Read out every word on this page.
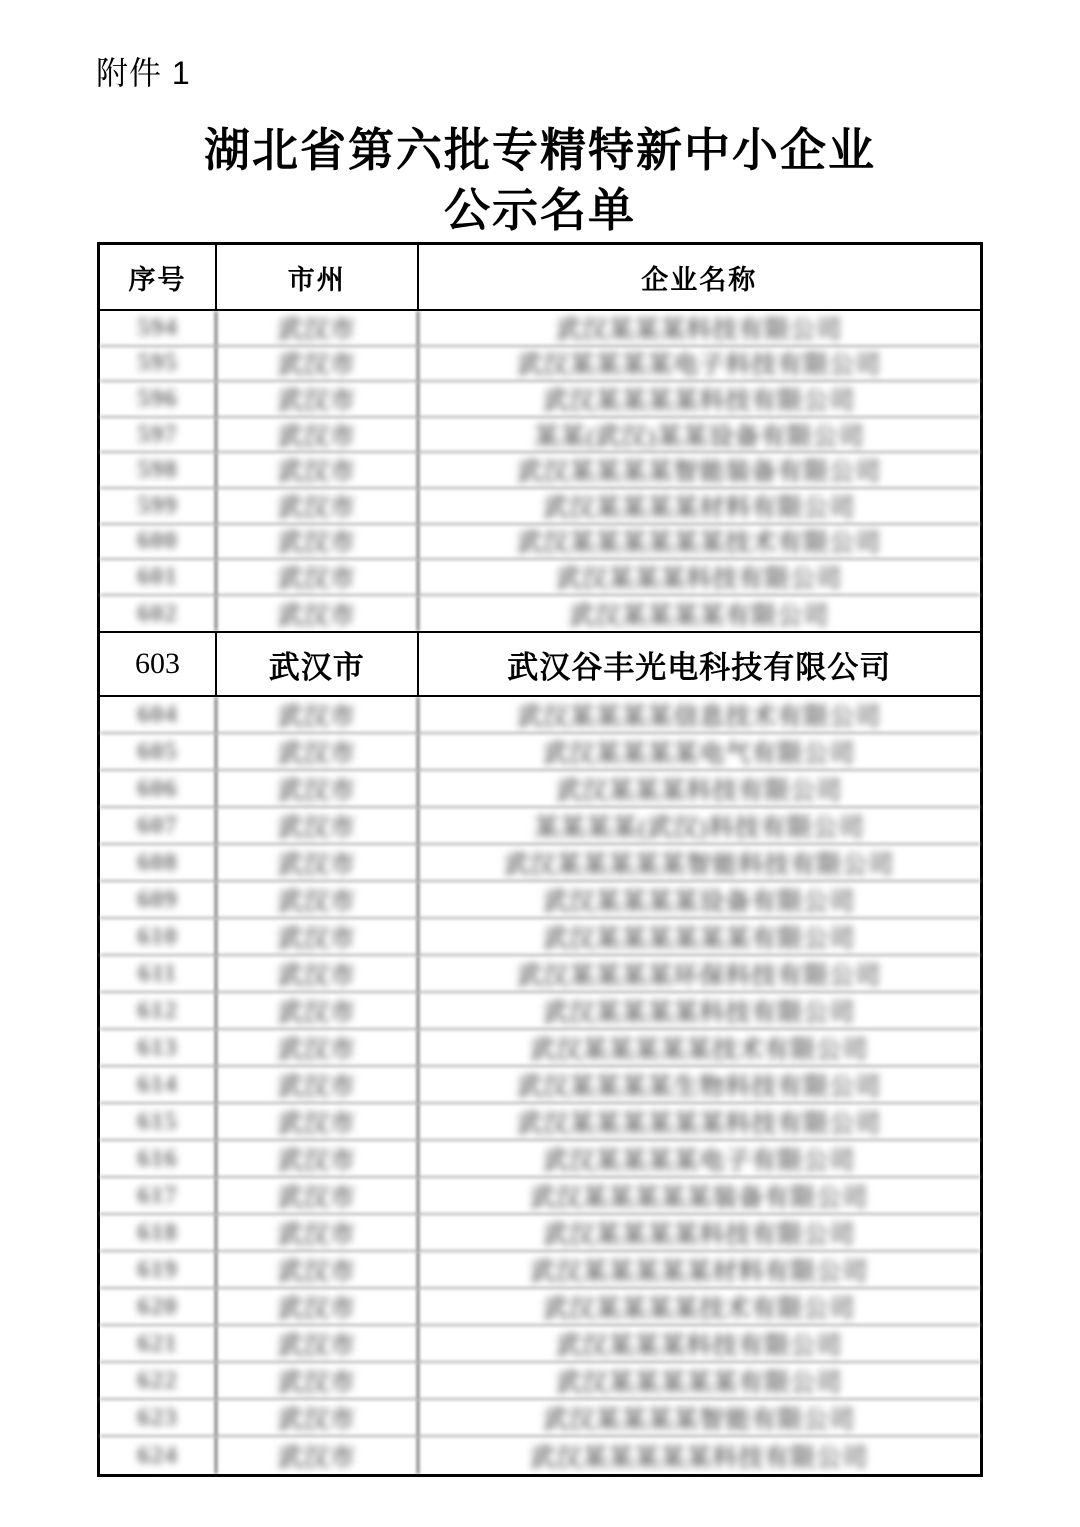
附件 1
湖北省第六批专精特新中小企业
公示名单
序号	市州	企业名称
594	武汉市	武汉某某某科技有限公司
595	武汉市	武汉某某某某电子科技有限公司
596	武汉市	武汉某某某某科技有限公司
597	武汉市	某某(武汉)某某设备有限公司
598	武汉市	武汉某某某某智能装备有限公司
599	武汉市	武汉某某某某材料有限公司
600	武汉市	武汉某某某某某某技术有限公司
601	武汉市	武汉某某某科技有限公司
602	武汉市	武汉某某某某有限公司
603	武汉市	武汉谷丰光电科技有限公司
604	武汉市	武汉某某某某信息技术有限公司
605	武汉市	武汉某某某某电气有限公司
606	武汉市	武汉某某某科技有限公司
607	武汉市	某某某某(武汉)科技有限公司
608	武汉市	武汉某某某某某智能科技有限公司
609	武汉市	武汉某某某某设备有限公司
610	武汉市	武汉某某某某某某有限公司
611	武汉市	武汉某某某某环保科技有限公司
612	武汉市	武汉某某某某科技有限公司
613	武汉市	武汉某某某某某技术有限公司
614	武汉市	武汉某某某某生物科技有限公司
615	武汉市	武汉某某某某某某科技有限公司
616	武汉市	武汉某某某某电子有限公司
617	武汉市	武汉某某某某某装备有限公司
618	武汉市	武汉某某某某科技有限公司
619	武汉市	武汉某某某某某材料有限公司
620	武汉市	武汉某某某某技术有限公司
621	武汉市	武汉某某某科技有限公司
622	武汉市	武汉某某某某某有限公司
623	武汉市	武汉某某某某智能有限公司
624	武汉市	武汉某某某某某科技有限公司
